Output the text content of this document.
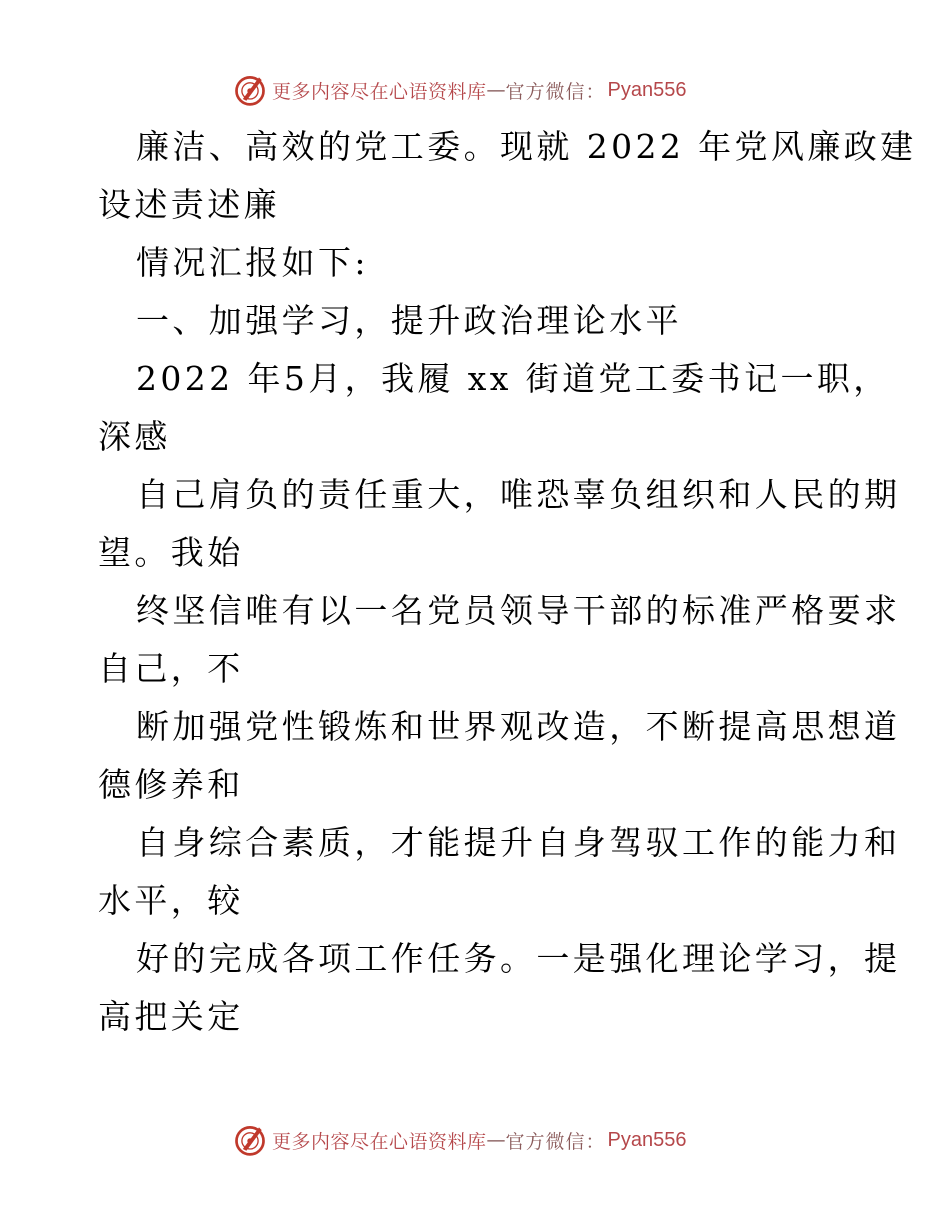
更多内容尽在心语资料库 — 官方微信： Pyan556
廉洁、高效的党工委。现就 2022 年党风廉政建
设述责述廉
情况汇报如下:
一、加强学习，提升政治理论水平
2022 年5月，我履 xx 街道党工委书记一职，
深感
自己肩负的责任重大，唯恐辜负组织和人民的期
望。我始
终坚信唯有以一名党员领导干部的标准严格要求
自己，不
断加强党性锻炼和世界观改造，不断提高思想道
德修养和
自身综合素质，才能提升自身驾驭工作的能力和
水平，较
好的完成各项工作任务。一是强化理论学习，提
高把关定
更多内容尽在心语资料库 — 官方微信： Pyan556
